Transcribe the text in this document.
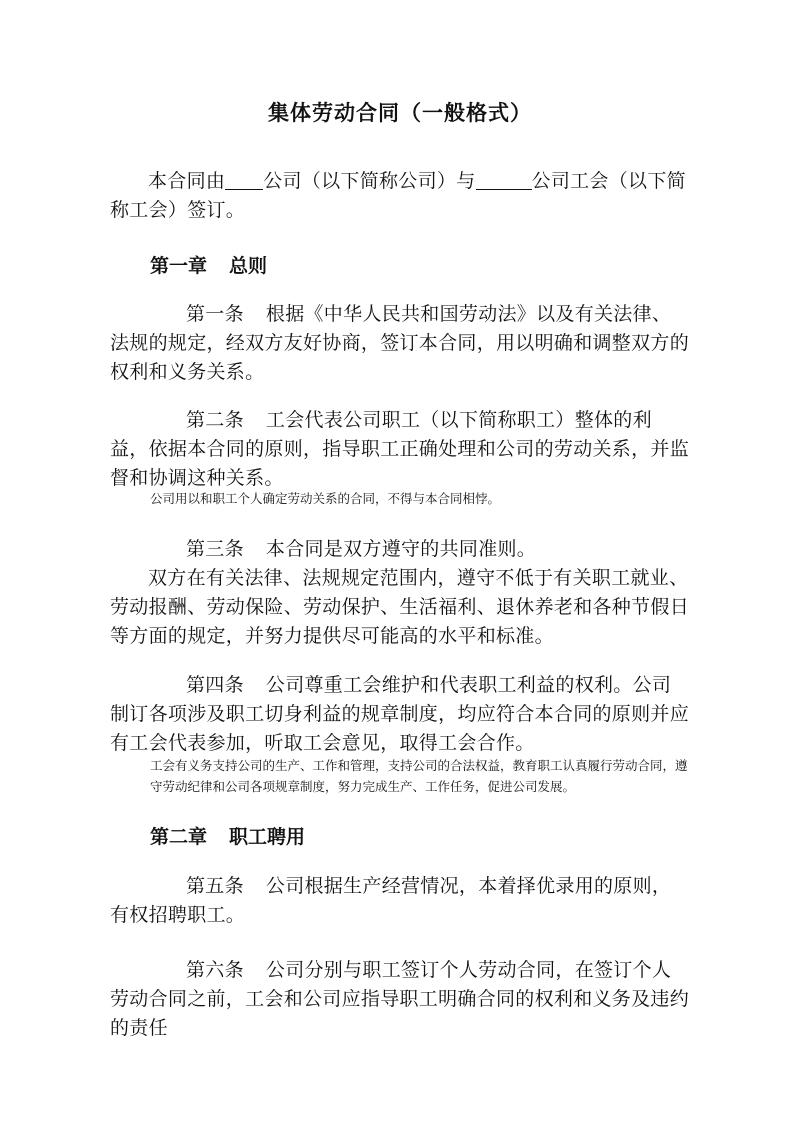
集体劳动合同（一般格式）

本合同由 公司（以下简称公司）与	公司工会（以下简称工会）签订。

第一章 总则

第一条 根据《中华人民共和国劳动法》以及有关法律、法规的规定，经双方友好协商，签订本合同，用以明确和调整双方的权利和义务关系。

第二条 工会代表公司职工（以下简称职工）整体的利益，依据本合同的原则，指导职工正确处理和公司的劳动关系，并监督和协调这种关系。

公司用以和职工个人确定劳动关系的合同，不得与本合同相悖。

第三条 本合同是双方遵守的共同准则。

双方在有关法律、法规规定范围内，遵守不低于有关职工就业、劳动报酬、劳动保险、劳动保护、生活福利、退休养老和各种节假日等方面的规定，并努力提供尽可能高的水平和标准。

第四条 公司尊重工会维护和代表职工利益的权利。公司制订各项涉及职工切身利益的规章制度，均应符合本合同的原则并应有工会代表参加，听取工会意见，取得工会合作。

工会有义务支持公司的生产、工作和管理，支持公司的合法权益，教育职工认真履行劳动合同，遵守劳动纪律和公司各项规章制度，努力完成生产、工作任务，促进公司发展。

第二章 职工聘用

第五条 公司根据生产经营情况，本着择优录用的原则，有权招聘职工。

第六条 公司分别与职工签订个人劳动合同，在签订个人劳动合同之前，工会和公司应指导职工明确合同的权利和义务及违约的责任
